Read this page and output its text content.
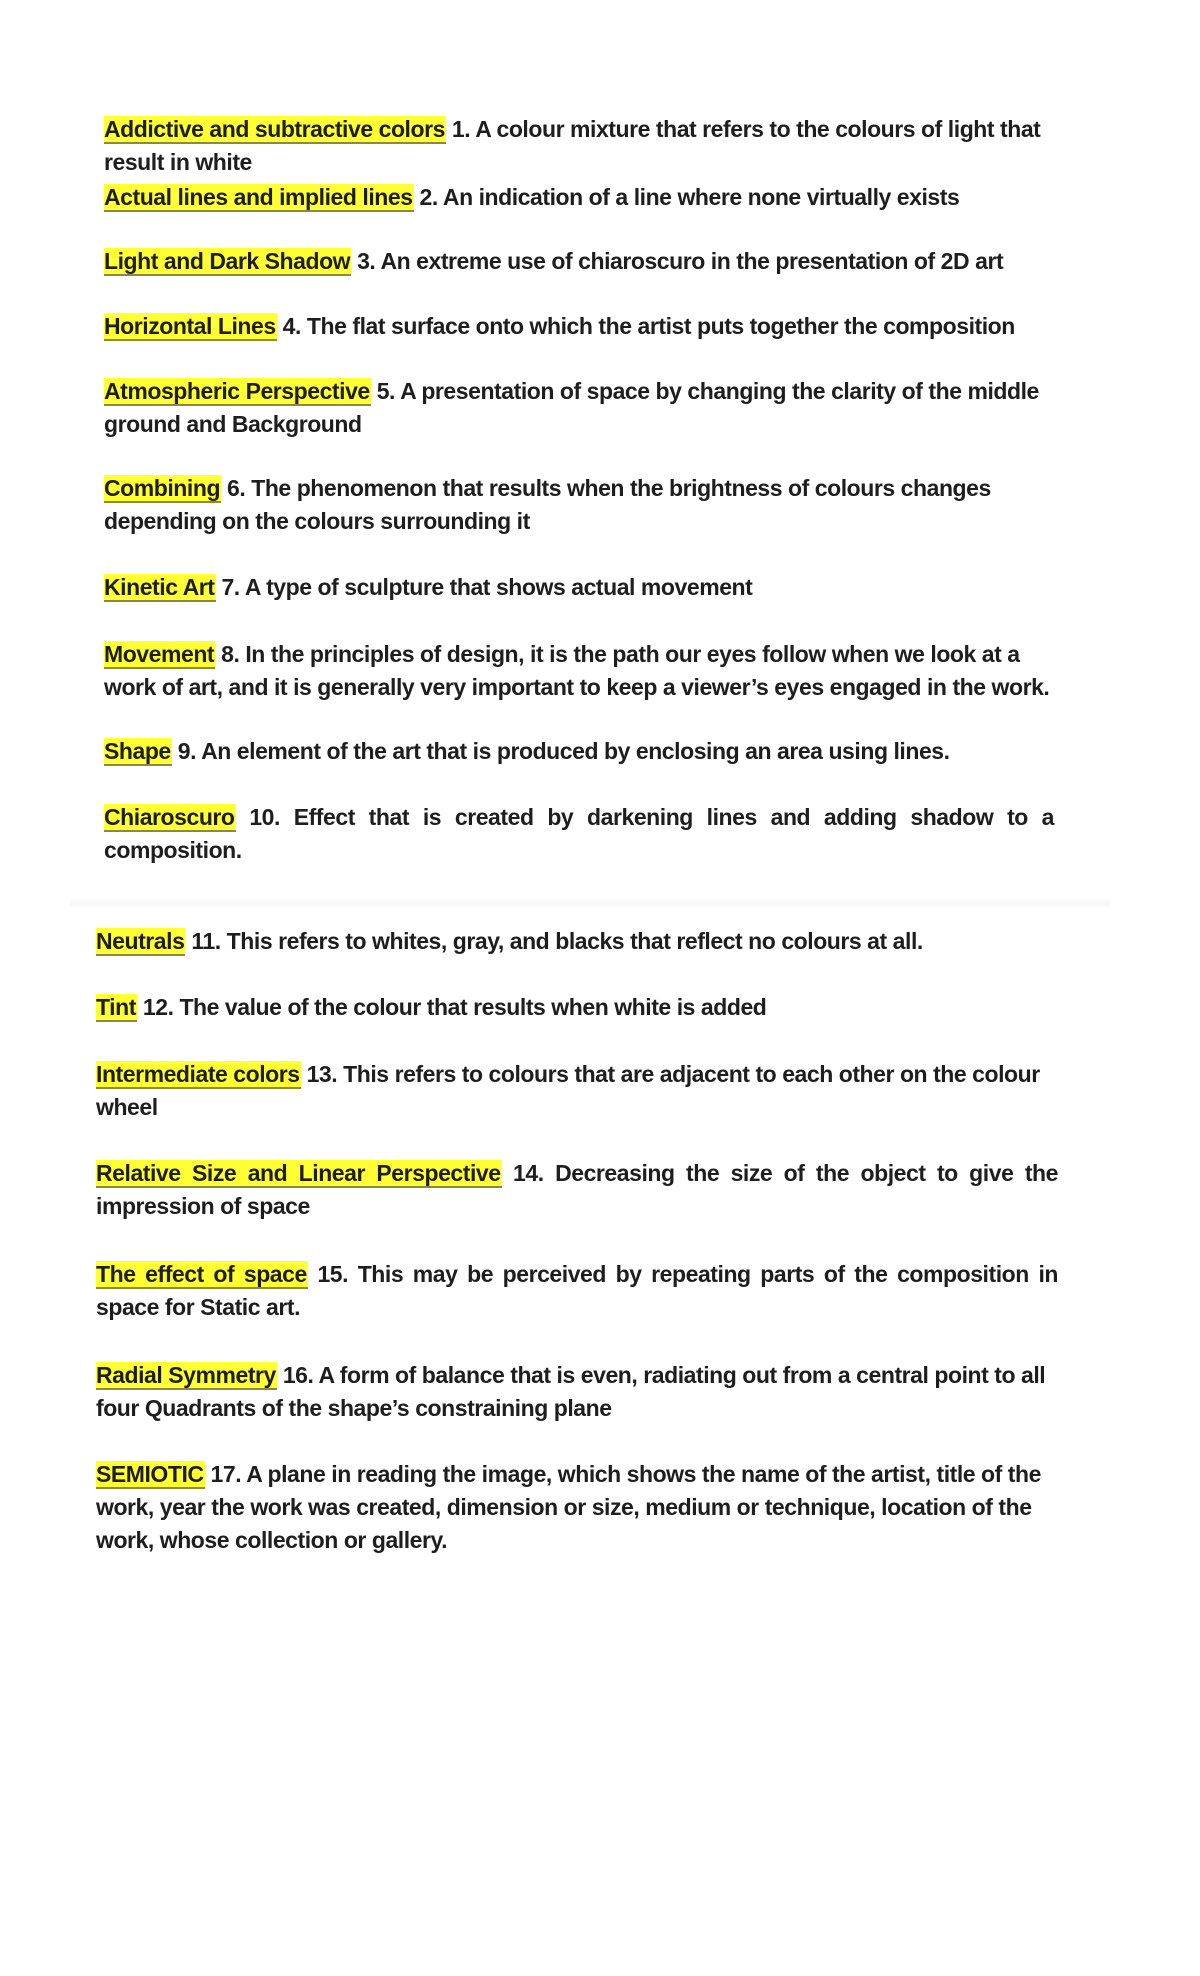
Addictive and subtractive colors 1. A colour mixture that refers to the colours of light that result in white
Actual lines and implied lines 2. An indication of a line where none virtually exists
Light and Dark Shadow 3. An extreme use of chiaroscuro in the presentation of 2D art
Horizontal Lines 4. The flat surface onto which the artist puts together the composition
Atmospheric Perspective 5. A presentation of space by changing the clarity of the middle ground and Background
Combining 6. The phenomenon that results when the brightness of colours changes depending on the colours surrounding it
Kinetic Art 7. A type of sculpture that shows actual movement
Movement 8. In the principles of design, it is the path our eyes follow when we look at a work of art, and it is generally very important to keep a viewer’s eyes engaged in the work.
Shape 9. An element of the art that is produced by enclosing an area using lines.
Chiaroscuro 10. Effect that is created by darkening lines and adding shadow to a composition.
Neutrals 11. This refers to whites, gray, and blacks that reflect no colours at all.
Tint 12. The value of the colour that results when white is added
Intermediate colors 13. This refers to colours that are adjacent to each other on the colour wheel
Relative Size and Linear Perspective 14. Decreasing the size of the object to give the impression of space
The effect of space 15. This may be perceived by repeating parts of the composition in space for Static art.
Radial Symmetry 16. A form of balance that is even, radiating out from a central point to all four Quadrants of the shape’s constraining plane
SEMIOTIC 17. A plane in reading the image, which shows the name of the artist, title of the work, year the work was created, dimension or size, medium or technique, location of the work, whose collection or gallery.
